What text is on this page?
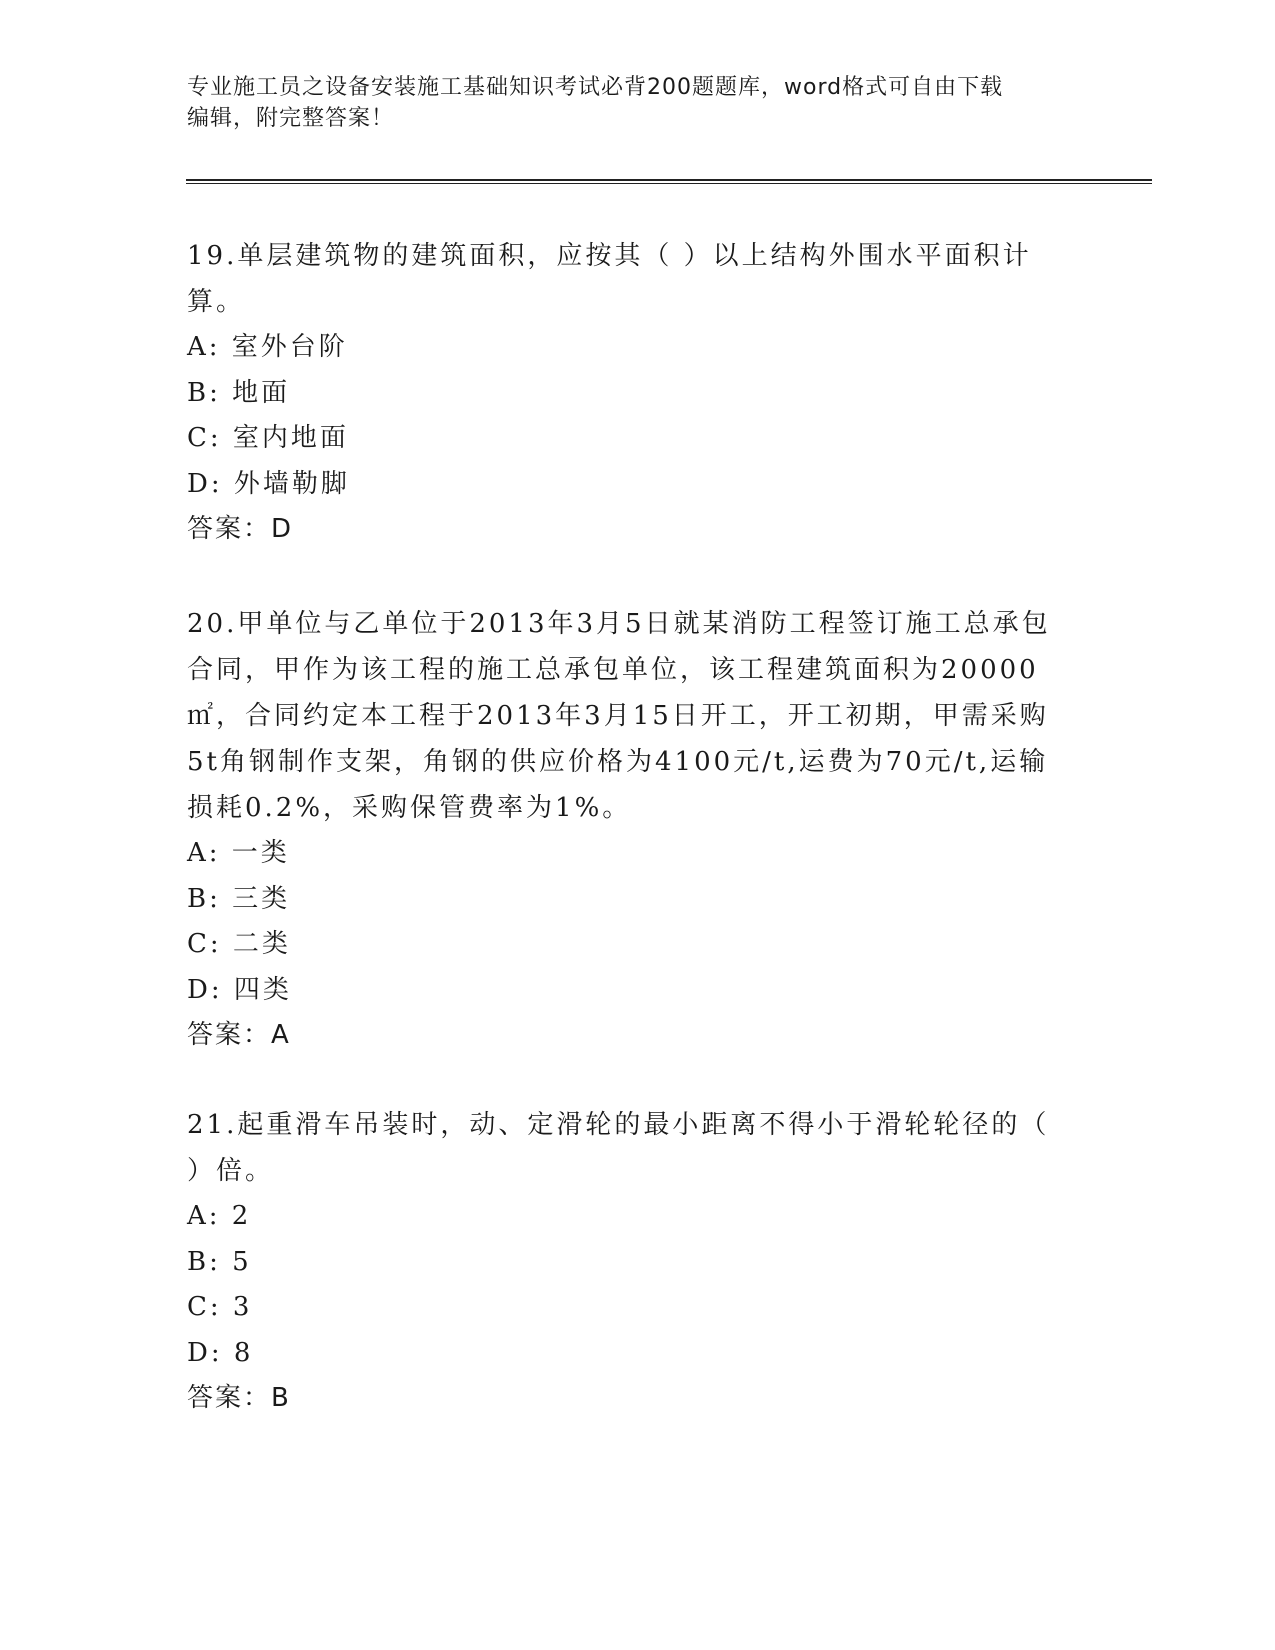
专业施工员之设备安装施工基础知识考试必背200题题库，word格式可自由下载
编辑，附完整答案！

19.单层建筑物的建筑面积，应按其（ ）以上结构外围水平面积计算。

A: 室外台阶

B: 地面

C: 室内地面

D: 外墙勒脚

答案：D

20.甲单位与乙单位于2013年3月5日就某消防工程签订施工总承包合同，甲作为该工程的施工总承包单位，该工程建筑面积为20000㎡，合同约定本工程于2013年3月15日开工，开工初期，甲需采购5t角钢制作支架，角钢的供应价格为4100元/t,运费为70元/t,运输损耗0.2%，采购保管费率为1%。

A: 一类

B: 三类

C: 二类

D: 四类

答案：A

21.起重滑车吊装时，动、定滑轮的最小距离不得小于滑轮轮径的（ ）倍。

A: 2

B: 5

C: 3

D: 8

答案：B
